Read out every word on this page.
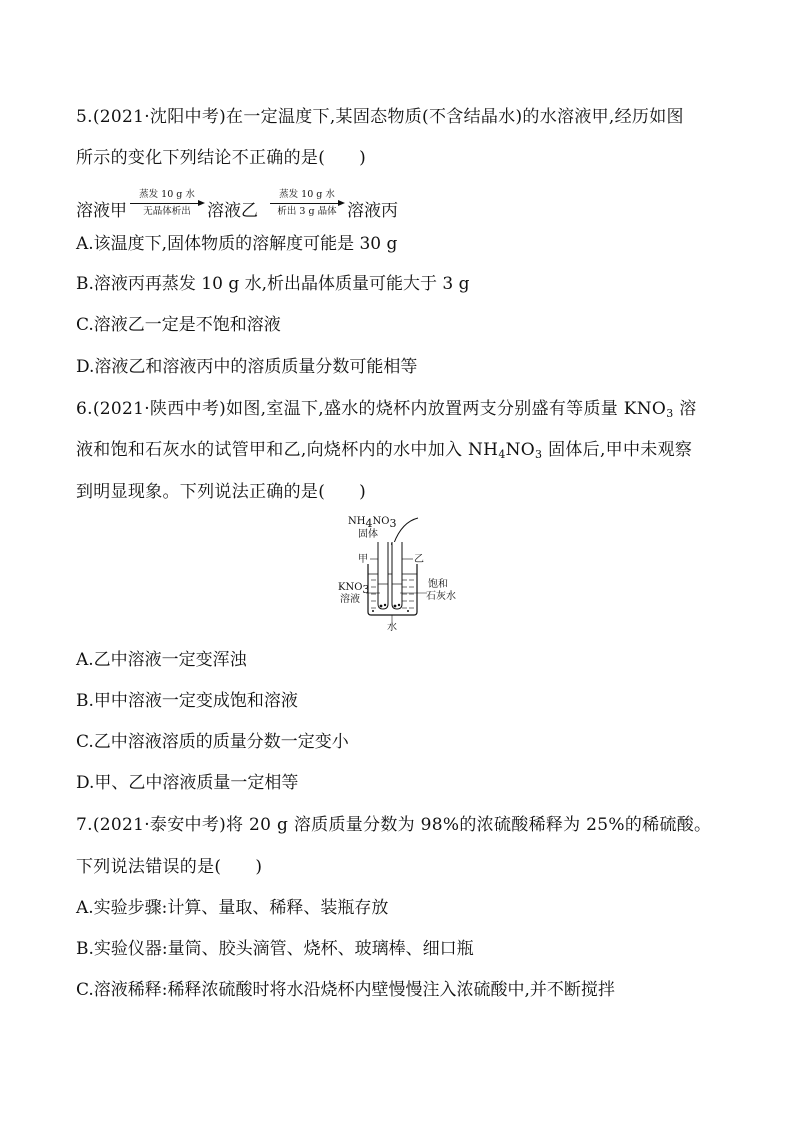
5.(2021·沈阳中考)在一定温度下,某固态物质(不含结晶水)的水溶液甲,经历如图
所示的变化下列结论不正确的是( )
溶液甲
蒸发 10 g 水
无晶体析出 溶液乙
蒸发 10 g 水
析出 3 g 晶体 溶液丙
A.该温度下,固体物质的溶解度可能是 30 g
B.溶液丙再蒸发 10 g 水,析出晶体质量可能大于 3 g
C.溶液乙一定是不饱和溶液
D.溶液乙和溶液丙中的溶质质量分数可能相等
6.(2021·陕西中考)如图,室温下,盛水的烧杯内放置两支分别盛有等质量 $KNO_3$ 溶
液和饱和石灰水的试管甲和乙,向烧杯内的水中加入 $NH_4NO_3$ 固体后,甲中未观察
到明显现象。下列说法正确的是( )
$NH_4NO_3$
固体
甲	乙
$KNO_3$
溶液
饱和
石灰水
水
A.乙中溶液一定变浑浊
B.甲中溶液一定变成饱和溶液
C.乙中溶液溶质的质量分数一定变小
D.甲、乙中溶液质量一定相等
7.(2021·泰安中考)将 20 g 溶质质量分数为 98%的浓硫酸稀释为 25%的稀硫酸。
下列说法错误的是( )
A.实验步骤:计算、量取、稀释、装瓶存放
B.实验仪器:量筒、胶头滴管、烧杯、玻璃棒、细口瓶
C.溶液稀释:稀释浓硫酸时将水沿烧杯内壁慢慢注入浓硫酸中,并不断搅拌
